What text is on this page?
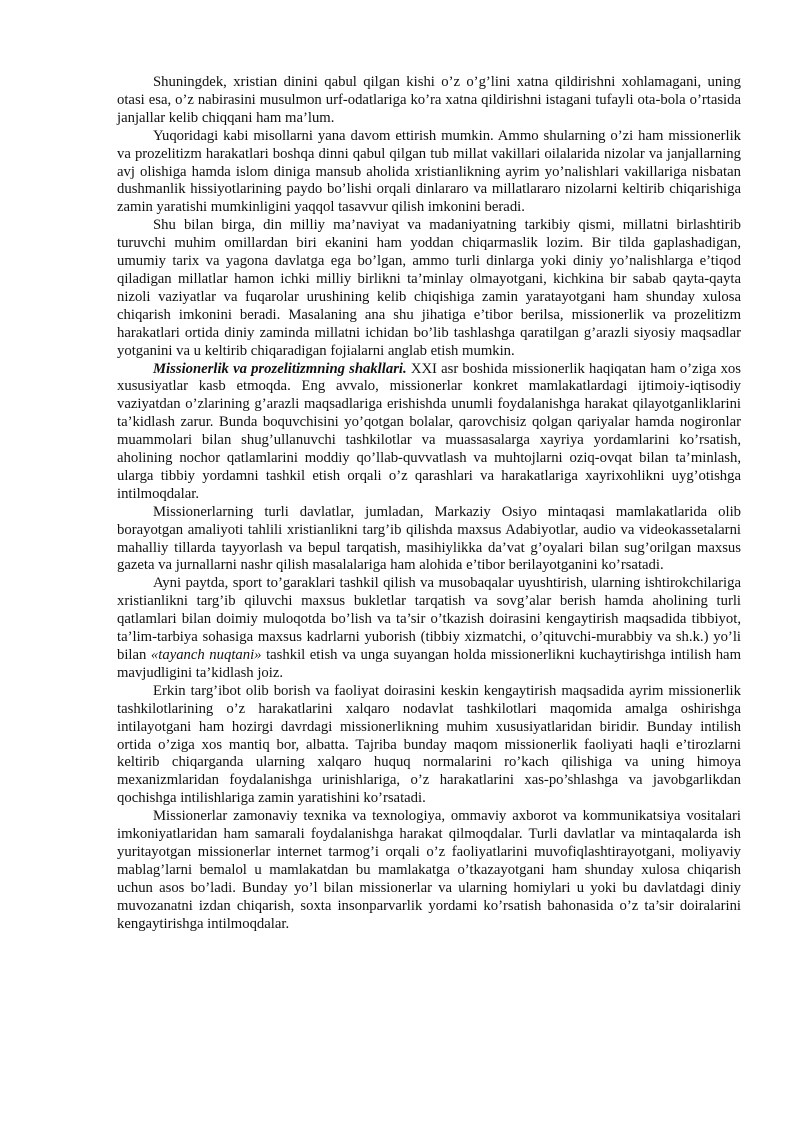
Shuningdek, xristian dinini qabul qilgan kishi o’z o’g’lini xatna qildirishni xohlamagani, uning otasi esa, o’z nabirasini musulmon urf-odatlariga ko’ra xatna qildirishni istagani tufayli ota-bola o’rtasida janjallar kelib chiqqani ham ma’lum.

Yuqoridagi kabi misollarni yana davom ettirish mumkin. Ammo shularning o’zi ham missionerlik va prozelitizm harakatlari boshqa dinni qabul qilgan tub millat vakillari oilalarida nizolar va janjallarning avj olishiga hamda islom diniga mansub aholida xristianlikning ayrim yo’nalishlari vakillariga nisbatan dushmanlik hissiyotlarining paydo bo’lishi orqali dinlararo va millatlararo nizolarni keltirib chiqarishiga zamin yaratishi mumkinligini yaqqol tasavvur qilish imkonini beradi.

Shu bilan birga, din milliy ma’naviyat va madaniyatning tarkibiy qismi, millatni birlashtirib turuvchi muhim omillardan biri ekanini ham yoddan chiqarmaslik lozim. Bir tilda gaplashadigan, umumiy tarix va yagona davlatga ega bo’lgan, ammo turli dinlarga yoki diniy yo’nalishlarga e’tiqod qiladigan millatlar hamon ichki milliy birlikni ta’minlay olmayotgani, kichkina bir sabab qayta-qayta nizoli vaziyatlar va fuqarolar urushining kelib chiqishiga zamin yaratayotgani ham shunday xulosa chiqarish imkonini beradi. Masalaning ana shu jihatiga e’tibor berilsa, missionerlik va prozelitizm harakatlari ortida diniy zaminda millatni ichidan bo’lib tashlashga qaratilgan g’arazli siyosiy maqsadlar yotganini va u keltirib chiqaradigan fojialarni anglab etish mumkin.

Missionerlik va prozelitizmning shakllari. XXI asr boshida missionerlik haqiqatan ham o’ziga xos xususiyatlar kasb etmoqda. Eng avvalo, missionerlar konkret mamlakatlardagi ijtimoiy-iqtisodiy vaziyatdan o’zlarining g’arazli maqsadlariga erishishda unumli foydalanishga harakat qilayotganliklarini ta’kidlash zarur. Bunda boquvchisini yo’qotgan bolalar, qarovchisiz qolgan qariyalar hamda nogironlar muammolari bilan shug’ullanuvchi tashkilotlar va muassasalarga xayriya yordamlarini ko’rsatish, aholining nochor qatlamlarini moddiy qo’llab-quvvatlash va muhtojlarni oziq-ovqat bilan ta’minlash, ularga tibbiy yordamni tashkil etish orqali o’z qarashlari va harakatlariga xayrixohlikni uyg’otishga intilmoqdalar.

Missionerlarning turli davlatlar, jumladan, Markaziy Osiyo mintaqasi mamlakatlarida olib borayotgan amaliyoti tahlili xristianlikni targ’ib qilishda maxsus Adabiyotlar, audio va videokassetalarni mahalliy tillarda tayyorlash va bepul tarqatish, masihiylikka da’vat g’oyalari bilan sug’orilgan maxsus gazeta va jurnallarni nashr qilish masalalariga ham alohida e’tibor berilayotganini ko’rsatadi.

Ayni paytda, sport to’garaklari tashkil qilish va musobaqalar uyushtirish, ularning ishtirokchilariga xristianlikni targ’ib qiluvchi maxsus bukletlar tarqatish va sovg’alar berish hamda aholining turli qatlamlari bilan doimiy muloqotda bo’lish va ta’sir o’tkazish doirasini kengaytirish maqsadida tibbiyot, ta’lim-tarbiya sohasiga maxsus kadrlarni yuborish (tibbiy xizmatchi, o’qituvchi-murabbiy va sh.k.) yo’li bilan «tayanch nuqtani» tashkil etish va unga suyangan holda missionerlikni kuchaytirishga intilish ham mavjudligini ta’kidlash joiz.

Erkin targ’ibot olib borish va faoliyat doirasini keskin kengaytirish maqsadida ayrim missionerlik tashkilotlarining o’z harakatlarini xalqaro nodavlat tashkilotlari maqomida amalga oshirishga intilayotgani ham hozirgi davrdagi missionerlikning muhim xususiyatlaridan biridir. Bunday intilish ortida o’ziga xos mantiq bor, albatta. Tajriba bunday maqom missionerlik faoliyati haqli e’tirozlarni keltirib chiqarganda ularning xalqaro huquq normalarini ro’kach qilishiga va uning himoya mexanizmlaridan foydalanishga urinishlariga, o’z harakatlarini xas-po’shlashga va javobgarlikdan qochishga intilishlariga zamin yaratishini ko’rsatadi.

Missionerlar zamonaviy texnika va texnologiya, ommaviy axborot va kommunikatsiya vositalari imkoniyatlaridan ham samarali foydalanishga harakat qilmoqdalar. Turli davlatlar va mintaqalarda ish yuritayotgan missionerlar internet tarmog’i orqali o’z faoliyatlarini muvofiqlashtirayotgani, moliyaviy mablag’larni bemalol u mamlakatdan bu mamlakatga o’tkazayotgani ham shunday xulosa chiqarish uchun asos bo’ladi. Bunday yo’l bilan missionerlar va ularning homiylari u yoki bu davlatdagi diniy muvozanatni izdan chiqarish, soxta insonparvarlik yordami ko’rsatish bahonasida o’z ta’sir doiralarini kengaytirishga intilmoqdalar.
